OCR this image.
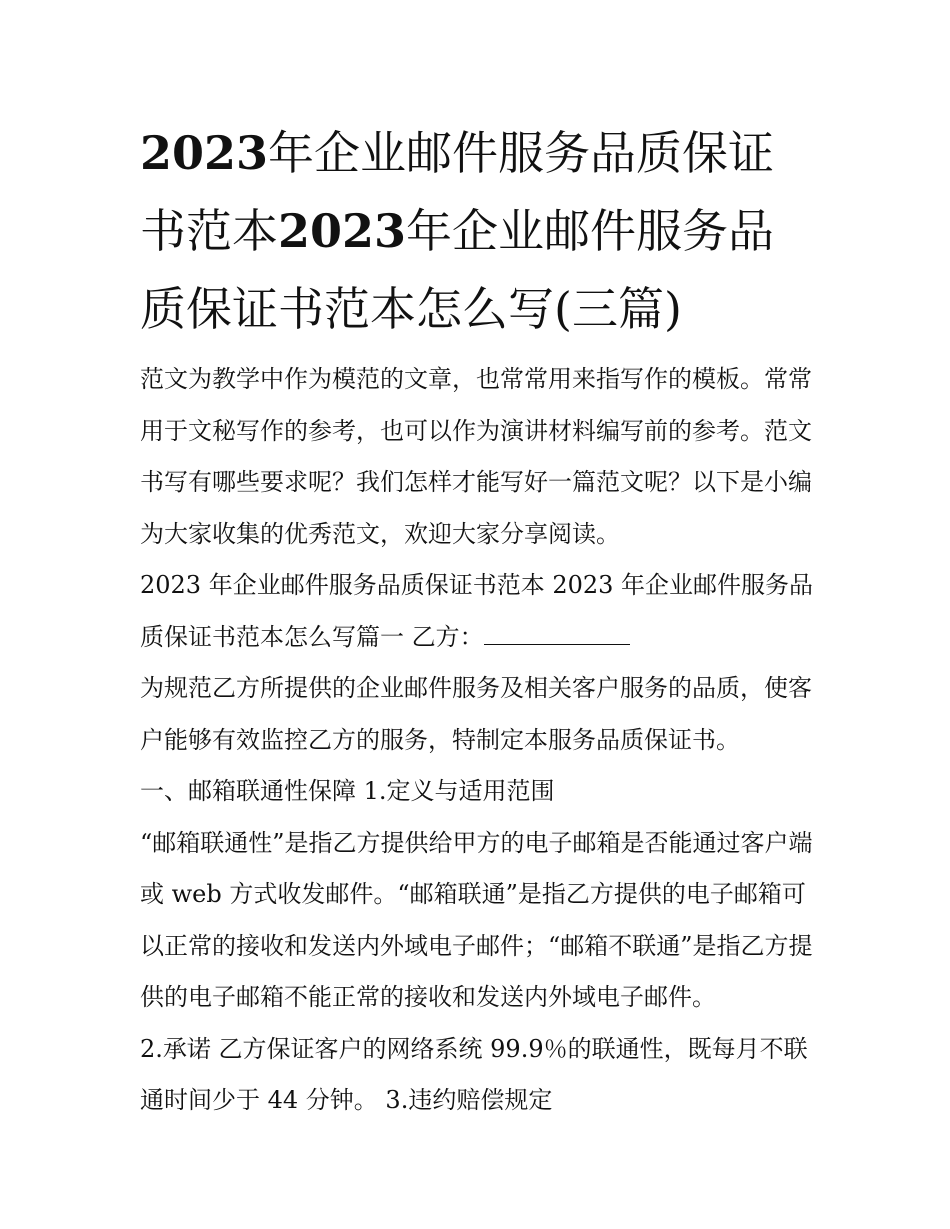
2023年企业邮件服务品质保证书范本2023年企业邮件服务品质保证书范本怎么写(三篇)

范文为教学中作为模范的文章，也常常用来指写作的模板。常常用于文秘写作的参考，也可以作为演讲材料编写前的参考。范文书写有哪些要求呢？我们怎样才能写好一篇范文呢？以下是小编为大家收集的优秀范文，欢迎大家分享阅读。

2023 年企业邮件服务品质保证书范本 2023 年企业邮件服务品质保证书范本怎么写篇一 乙方：

为规范乙方所提供的企业邮件服务及相关客户服务的品质，使客户能够有效监控乙方的服务，特制定本服务品质保证书。

一、邮箱联通性保障 1.定义与适用范围

“邮箱联通性”是指乙方提供给甲方的电子邮箱是否能通过客户端或 web 方式收发邮件。“邮箱联通”是指乙方提供的电子邮箱可以正常的接收和发送内外域电子邮件；“邮箱不联通”是指乙方提供的电子邮箱不能正常的接收和发送内外域电子邮件。

2.承诺 乙方保证客户的网络系统 99.9％的联通性，既每月不联通时间少于 44 分钟。 3.违约赔偿规定
